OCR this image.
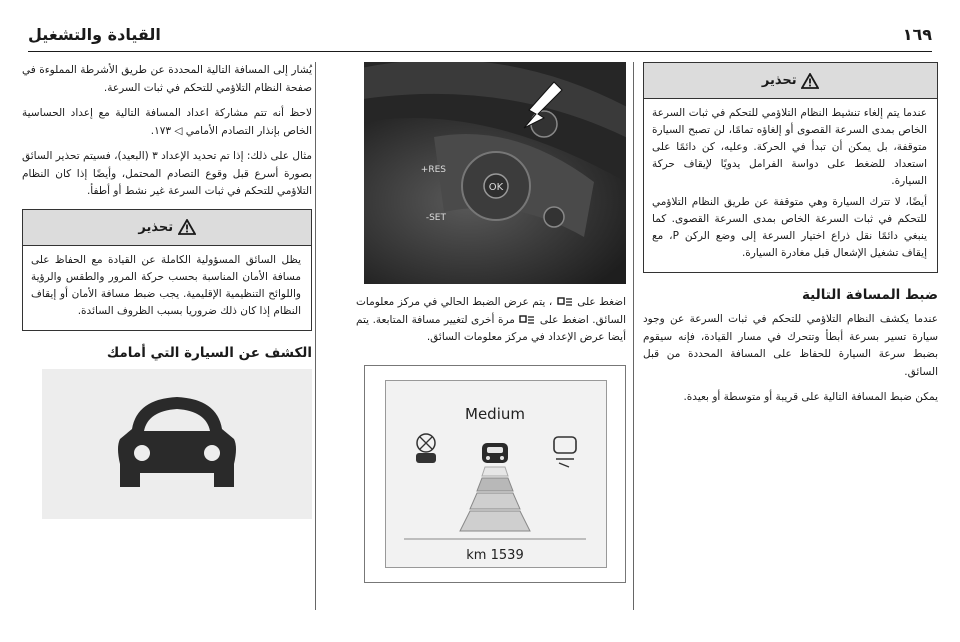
١٦٩
القيادة والتشغيل
تحذير

عندما يتم إلغاء تنشيط النظام التلاؤمي للتحكم في ثبات السرعة الخاص بمدى السرعة القصوى أو إلغاؤه تمامًا، لن تصبح السيارة متوقفة، بل يمكن أن تبدأ في الحركة. وعليه، كن دائمًا على استعداد للضغط على دواسة الفرامل يدويًا لإيقاف حركة السيارة.

أيضًا، لا تترك السيارة وهي متوقفة عن طريق النظام التلاؤمي للتحكم في ثبات السرعة الخاص بمدى السرعة القصوى. كما ينبغي دائمًا نقل ذراع اختيار السرعة إلى وضع الركن P، مع إيقاف تشغيل الإشعال قبل مغادرة السيارة.

ضبط المسافة التالية

عندما يكشف النظام التلاؤمي للتحكم في ثبات السرعة عن وجود سيارة تسير بسرعة أبطأ وتتحرك في مسار القيادة، فإنه سيقوم بضبط سرعة السيارة للحفاظ على المسافة المحددة من قبل السائق.

يمكن ضبط المسافة التالية على قريبة أو متوسطة أو بعيدة.

OK
RES+
SET-

اضغط على  ، يتم عرض الضبط الحالي في مركز معلومات السائق. اضغط على  مرة أخرى لتغيير مسافة المتابعة. يتم أيضا عرض الإعداد في مركز معلومات السائق.

Medium
1539 km

يُشار إلى المسافة التالية المحددة عن طريق الأشرطة المملوءة في صفحة النظام التلاؤمي للتحكم في ثبات السرعة.

لاحظ أنه تتم مشاركة اعداد المسافة التالية مع إعداد الحساسية الخاص بإنذار التصادم الأمامي ◁ ١٧٣.

مثال على ذلك: إذا تم تحديد الإعداد ٣ (البعيد)، فسيتم تحذير السائق بصورة أسرع قبل وقوع التصادم المحتمل، وأيضًا إذا كان النظام التلاؤمي للتحكم في ثبات السرعة غير نشط أو أطفأ.

تحذير

يظل السائق المسؤولية الكاملة عن القيادة مع الحفاظ على مسافة الأمان المناسبة بحسب حركة المرور والطقس والرؤية واللوائح التنظيمية الإقليمية. يجب ضبط مسافة الأمان أو إيقاف النظام إذا كان ذلك ضروريا بسبب الظروف السائدة.

الكشف عن السيارة التي أمامك
